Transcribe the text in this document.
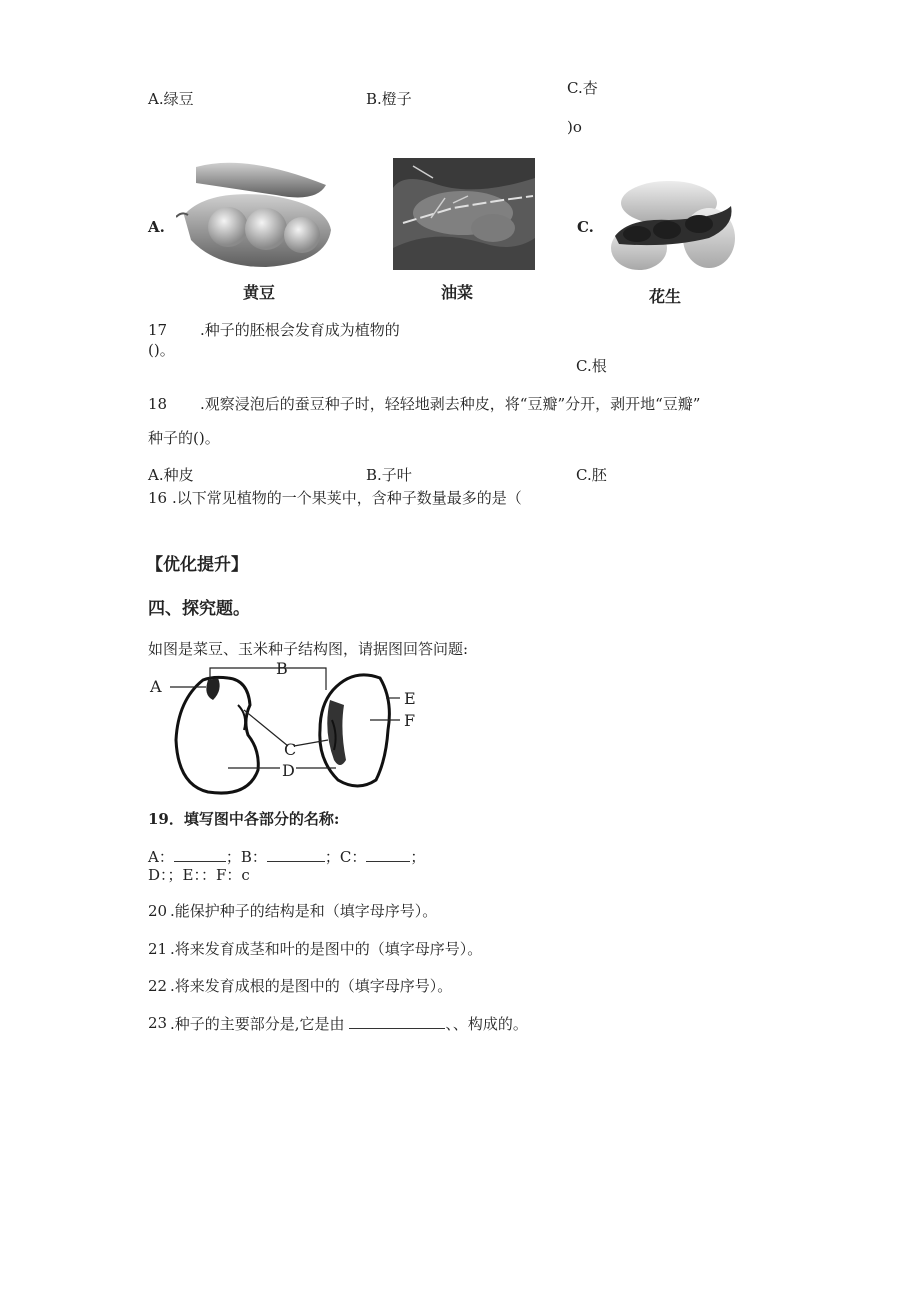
A.绿豆	B.橙子
C.杏
)o
A.
黄豆	油菜
C.
花生
17 .种子的胚根会发育成为植物的
()。
C.根
18 .观察浸泡后的蚕豆种子时，轻轻地剥去种皮，将“豆瓣”分开，剥开地“豆瓣”
种子的()。
A.种皮	B.子叶	C.胚
16 .以下常见植物的一个果荚中，含种子数量最多的是（
【优化提升】
四、探究题。
如图是菜豆、玉米种子结构图，请据图回答问题:
A
B
C
D
E
F
19．填写图中各部分的名称:
A：	；B：	；C：	；
D：；E：：F：c
20 .能保护种子的结构是和（填字母序号）。
21 .将来发育成茎和叶的是图中的（填字母序号）。
22 .将来发育成根的是图中的（填字母序号）。
23 .种子的主要部分是,它是由	、、构成的。
